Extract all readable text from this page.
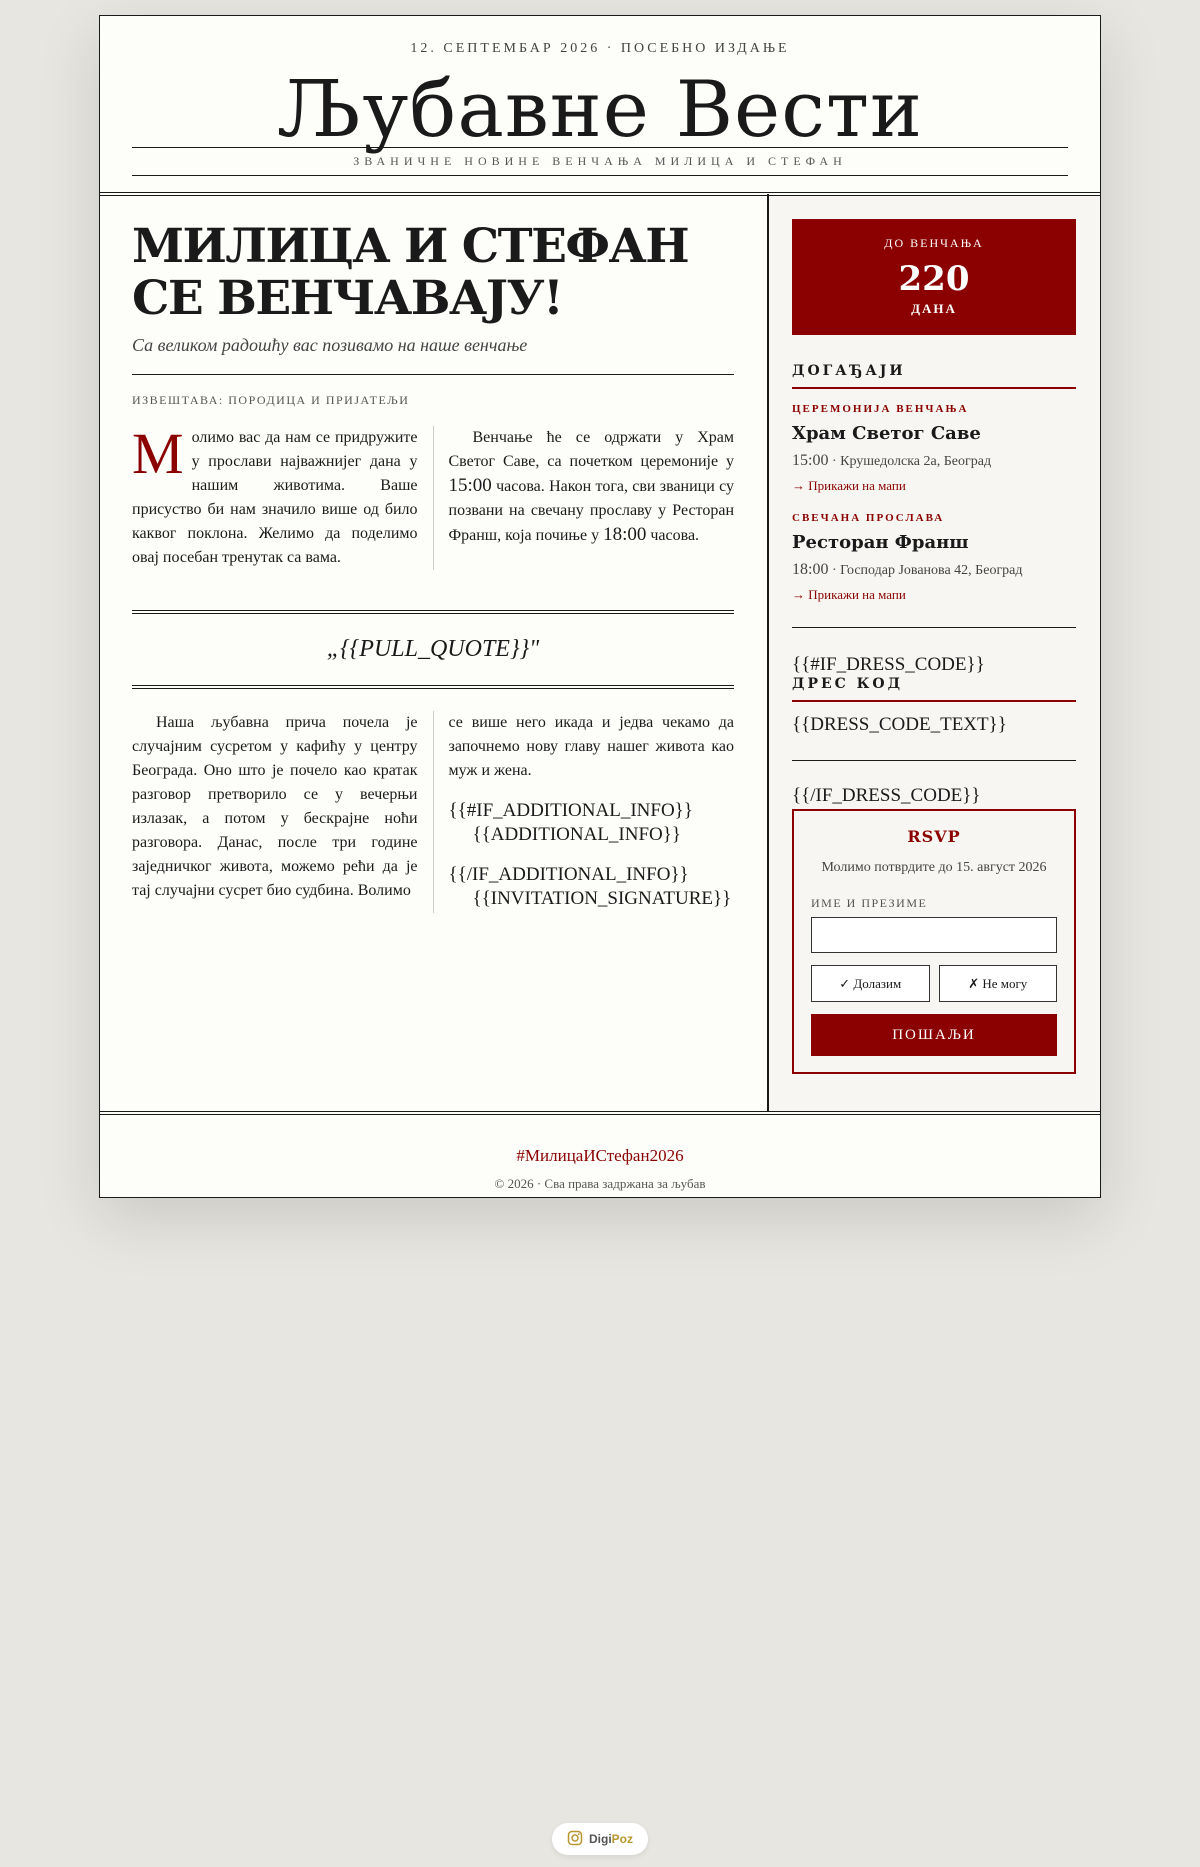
12. СЕПТЕМБАР 2026 · ПОСЕБНО ИЗДАЊЕ
Љубавне Вести
ЗВАНИЧНЕ НОВИНЕ ВЕНЧАЊА МИЛИЦА И СТЕФАН
МИЛИЦА И СТЕФАН СЕ ВЕНЧАВАЈУ!
Са великом радошћу вас позивамо на наше венчање
ИЗВЕШТАВА: ПОРОДИЦА И ПРИЈАТЕЉИ
Молимо вас да нам се придружите у прослави најважнијег дана у нашим животима. Ваше присуство би нам значило више од било каквог поклона. Желимо да поделимо овај посебан тренутак са вама.
Венчање ће се одржати у Храм Светог Саве, са почетком церемоније у 15:00 часова. Након тога, сви званици су позвани на свечану прославу у Ресторан Франш, која почиње у 18:00 часова.
„{{PULL_QUOTE}}"
Наша љубавна прича почела је случајним сусретом у кафићу у центру Београда. Оно што је почело као кратак разговор претворило се у вечерњи излазак, а потом у бескрајне ноћи разговора. Данас, после три године заједничког живота, можемо рећи да је тај случајни сусрет био судбина. Волимо
се више него икада и једва чекамо да започнемо нову главу нашег живота као муж и жена.
{{#IF_ADDITIONAL_INFO}}
{{ADDITIONAL_INFO}}
{{/IF_ADDITIONAL_INFO}}
{{INVITATION_SIGNATURE}}
ДО ВЕНЧАЊА
220
ДАНА
ДОГАЂАЈИ
ЦЕРЕМОНИЈА ВЕНЧАЊА
Храм Светог Саве
15:00 · Крушедолска 2а, Београд
→ Прикажи на мапи
СВЕЧАНА ПРОСЛАВА
Ресторан Франш
18:00 · Господар Јованова 42, Београд
→ Прикажи на мапи
{{#IF_DRESS_CODE}}
ДРЕС КОД
{{DRESS_CODE_TEXT}}
{{/IF_DRESS_CODE}}
RSVP
Молимо потврдите до 15. август 2026
ИМЕ И ПРЕЗИМЕ
✓ Долазим	✗ Не могу
ПОШАЉИ
#МилицаИСтефан2026
© 2026 · Сва права задржана за љубав
DigiPoz
